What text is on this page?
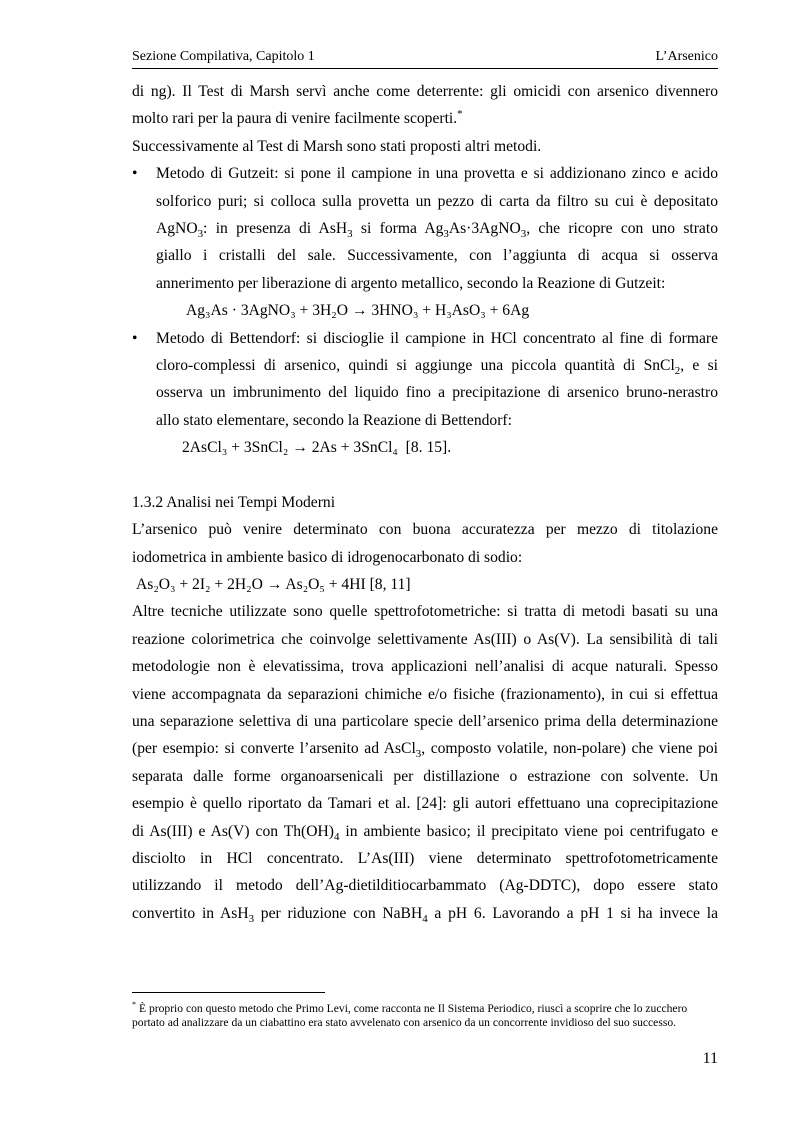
Sezione Compilativa, Capitolo 1	L’Arsenico

di ng). Il Test di Marsh servì anche come deterrente: gli omicidi con arsenico divennero

molto rari per la paura di venire facilmente scoperti.*

Successivamente al Test di Marsh sono stati proposti altri metodi.

• Metodo di Gutzeit: si pone il campione in una provetta e si addizionano zinco e acido

solforico puri; si colloca sulla provetta un pezzo di carta da filtro su cui è depositato

AgNO$_3$: in presenza di AsH$_3$ si forma $Ag_3As\cdot 3AgNO_3$, che ricopre con uno strato

giallo i cristalli del sale. Successivamente, con l’aggiunta di acqua si osserva

annerimento per liberazione di argento metallico, secondo la Reazione di Gutzeit:

Ag₃As · 3AgNO₃ + 3H₂O → 3HNO₃ + H₃AsO₃ + 6Ag

• Metodo di Bettendorf: si discioglie il campione in HCl concentrato al fine di formare

cloro-complessi di arsenico, quindi si aggiunge una piccola quantità di SnCl$_2$, e si

osserva un imbrunimento del liquido fino a precipitazione di arsenico bruno-nerastro

allo stato elementare, secondo la Reazione di Bettendorf:

2AsCl₃ + 3SnCl₂ → 2As + 3SnCl₄ [8. 15].

1.3.2 Analisi nei Tempi Moderni

L’arsenico può venire determinato con buona accuratezza per mezzo di titolazione

iodometrica in ambiente basico di idrogenocarbonato di sodio:

As₂O₃ + 2I₂ + 2H₂O → As₂O₅ + 4HI [8, 11]

Altre tecniche utilizzate sono quelle spettrofotometriche: si tratta di metodi basati su una

reazione colorimetrica che coinvolge selettivamente As(III) o As(V). La sensibilità di tali

metodologie non è elevatissima, trova applicazioni nell’analisi di acque naturali. Spesso

viene accompagnata da separazioni chimiche e/o fisiche (frazionamento), in cui si effettua

una separazione selettiva di una particolare specie dell’arsenico prima della determinazione

(per esempio: si converte l’arsenito ad AsCl$_3$, composto volatile, non-polare) che viene poi

separata dalle forme organoarsenicali per distillazione o estrazione con solvente. Un

esempio è quello riportato da Tamari et al. [24]: gli autori effettuano una coprecipitazione

di As(III) e As(V) con $Th(OH)_4$ in ambiente basico; il precipitato viene poi centrifugato e

disciolto in HCl concentrato. L’As(III) viene determinato spettrofotometricamente

utilizzando il metodo dell’Ag-dietilditiocarbammato (Ag-DDTC), dopo essere stato

convertito in AsH$_3$ per riduzione con NaBH$_4$ a pH 6. Lavorando a pH 1 si ha invece la

* È proprio con questo metodo che Primo Levi, come racconta ne Il Sistema Periodico, riuscì a scoprire che lo zucchero portato ad analizzare da un ciabattino era stato avvelenato con arsenico da un concorrente invidioso del suo successo.
11
